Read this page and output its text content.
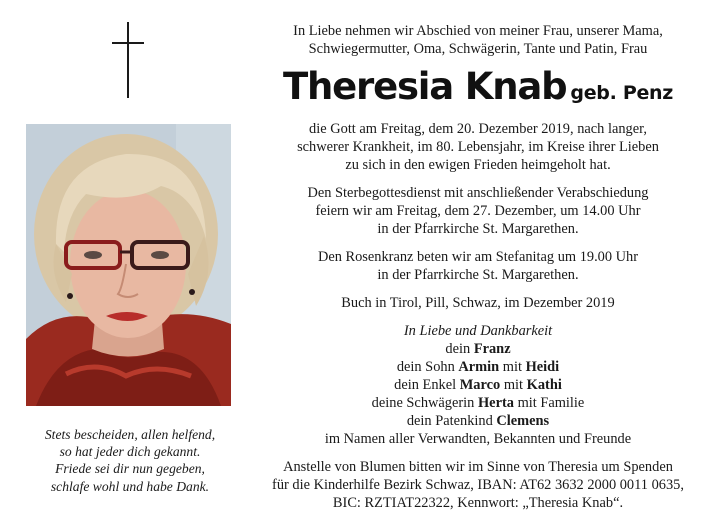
Stets bescheiden, allen helfend,
so hat jeder dich gekannt.
Friede sei dir nun gegeben,
schlafe wohl und habe Dank.
In Liebe nehmen wir Abschied von meiner Frau, unserer Mama,
Schwiegermutter, Oma, Schwägerin, Tante und Patin, Frau
Theresia Knab geb. Penz
die Gott am Freitag, dem 20. Dezember 2019, nach langer,
schwerer Krankheit, im 80. Lebensjahr, im Kreise ihrer Lieben
zu sich in den ewigen Frieden heimgeholt hat.
Den Sterbegottesdienst mit anschließender Verabschiedung
feiern wir am Freitag, dem 27. Dezember, um 14.00 Uhr
in der Pfarrkirche St. Margarethen.
Den Rosenkranz beten wir am Stefanitag um 19.00 Uhr
in der Pfarrkirche St. Margarethen.
Buch in Tirol, Pill, Schwaz, im Dezember 2019
In Liebe und Dankbarkeit
dein Franz
dein Sohn Armin mit Heidi
dein Enkel Marco mit Kathi
deine Schwägerin Herta mit Familie
dein Patenkind Clemens
im Namen aller Verwandten, Bekannten und Freunde
Anstelle von Blumen bitten wir im Sinne von Theresia um Spenden
für die Kinderhilfe Bezirk Schwaz, IBAN: AT62 3632 2000 0011 0635,
BIC: RZTIAT22322, Kennwort: „Theresia Knab“.
